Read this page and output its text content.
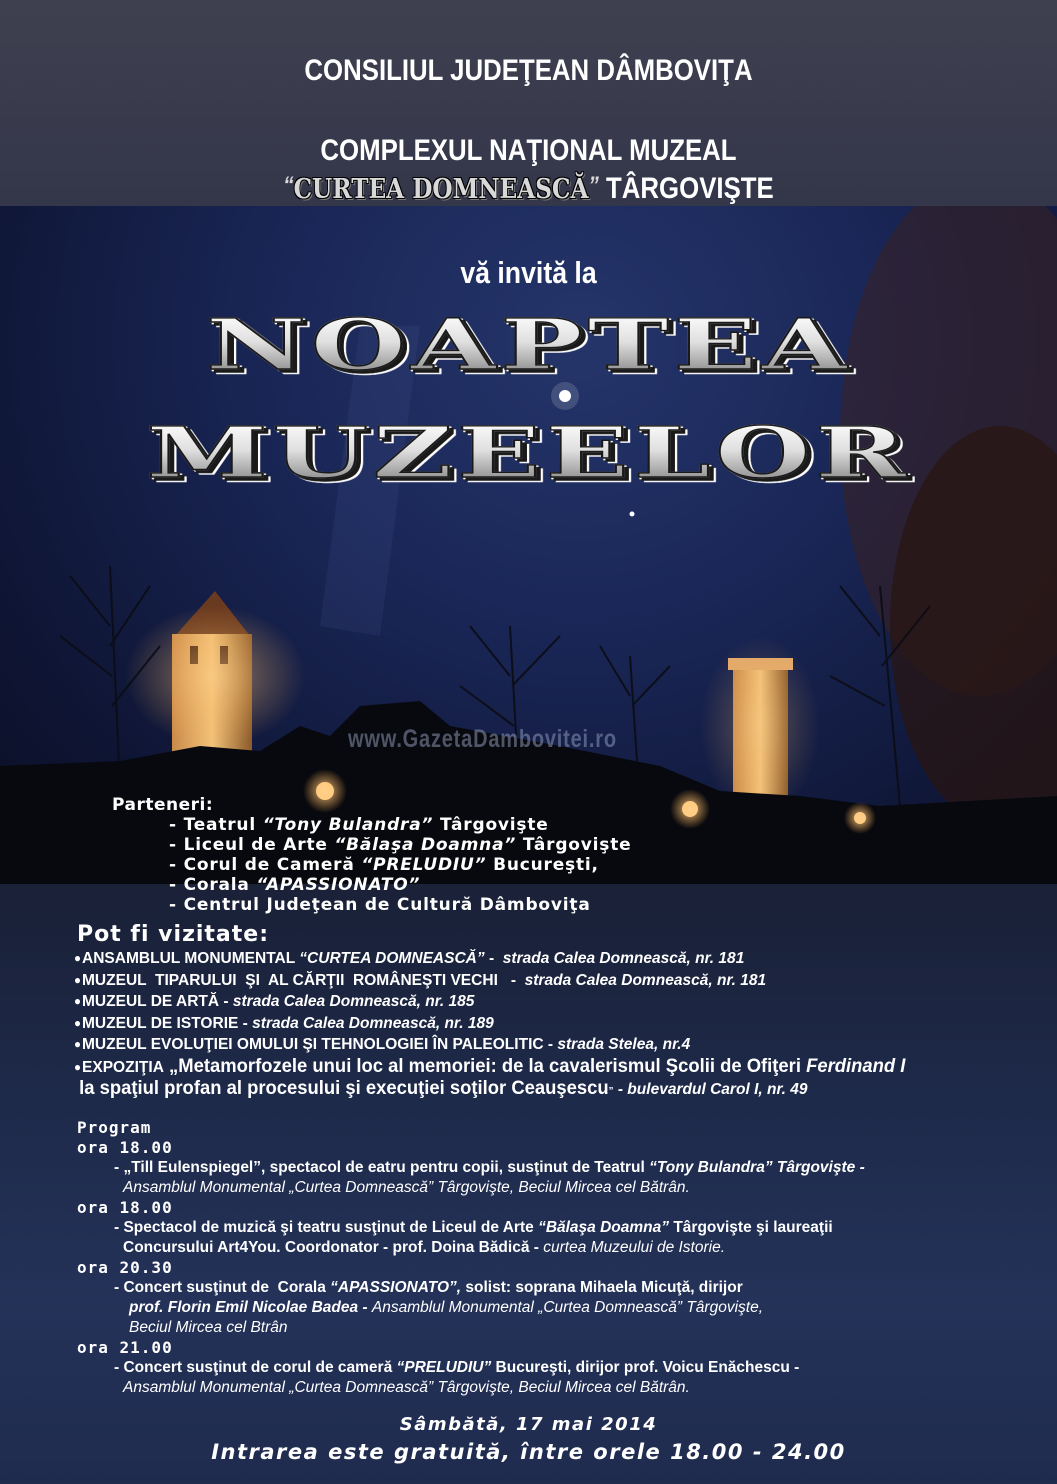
CONSILIUL JUDEŢEAN DÂMBOVIŢA
COMPLEXUL NAŢIONAL MUZEAL
“CURTEA DOMNEASCĂ” TÂRGOVIŞTE
vă invită la
NOAPTEA
MUZEELOR
www.GazetaDambovitei.ro
Parteneri:
- Teatrul “Tony Bulandra” Târgovişte
- Liceul de Arte “Bălaşa Doamna” Târgovişte
- Corul de Cameră “PRELUDIU” Bucureşti,
- Corala “APASSIONATO”
- Centrul Judeţean de Cultură Dâmboviţa
Pot fi vizitate:
●ANSAMBLUL MONUMENTAL “CURTEA DOMNEASCĂ” -  strada Calea Domnească, nr. 181
●MUZEUL  TIPARULUI  ŞI  AL CĂRŢII  ROMÂNEŞTI VECHI   -  strada Calea Domnească, nr. 181
●MUZEUL DE ARTĂ - strada Calea Domnească, nr. 185
●MUZEUL DE ISTORIE - strada Calea Domnească, nr. 189
●MUZEUL EVOLUŢIEI OMULUI ŞI TEHNOLOGIEI ÎN PALEOLITIC - strada Stelea, nr.4
●EXPOZIŢIA „Metamorfozele unui loc al memoriei: de la cavalerismul Şcolii de Ofiţeri Ferdinand I
la spaţiul profan al procesului şi execuţiei soţilor Ceauşescu” - bulevardul Carol I, nr. 49
Program
ora 18.00
- „Till Eulenspiegel”, spectacol de eatru pentru copii, susţinut de Teatrul “Tony Bulandra” Târgovişte -
Ansamblul Monumental „Curtea Domnească” Târgovişte, Beciul Mircea cel Bătrân.
ora 18.00
- Spectacol de muzică şi teatru susţinut de Liceul de Arte “Bălaşa Doamna” Târgovişte şi laureaţii
Concursului Art4You. Coordonator - prof. Doina Bădică - curtea Muzeului de Istorie.
ora 20.30
- Concert susţinut de  Corala “APASSIONATO”, solist: soprana Mihaela Micuţă, dirijor
prof. Florin Emil Nicolae Badea - Ansamblul Monumental „Curtea Domnească” Târgovişte,
Beciul Mircea cel Btrân
ora 21.00
- Concert susţinut de corul de cameră “PRELUDIU” Bucureşti, dirijor prof. Voicu Enăchescu -
Ansamblul Monumental „Curtea Domnească” Târgovişte, Beciul Mircea cel Bătrân.
Sâmbătă, 17 mai 2014
Intrarea este gratuită, între orele 18.00 - 24.00
